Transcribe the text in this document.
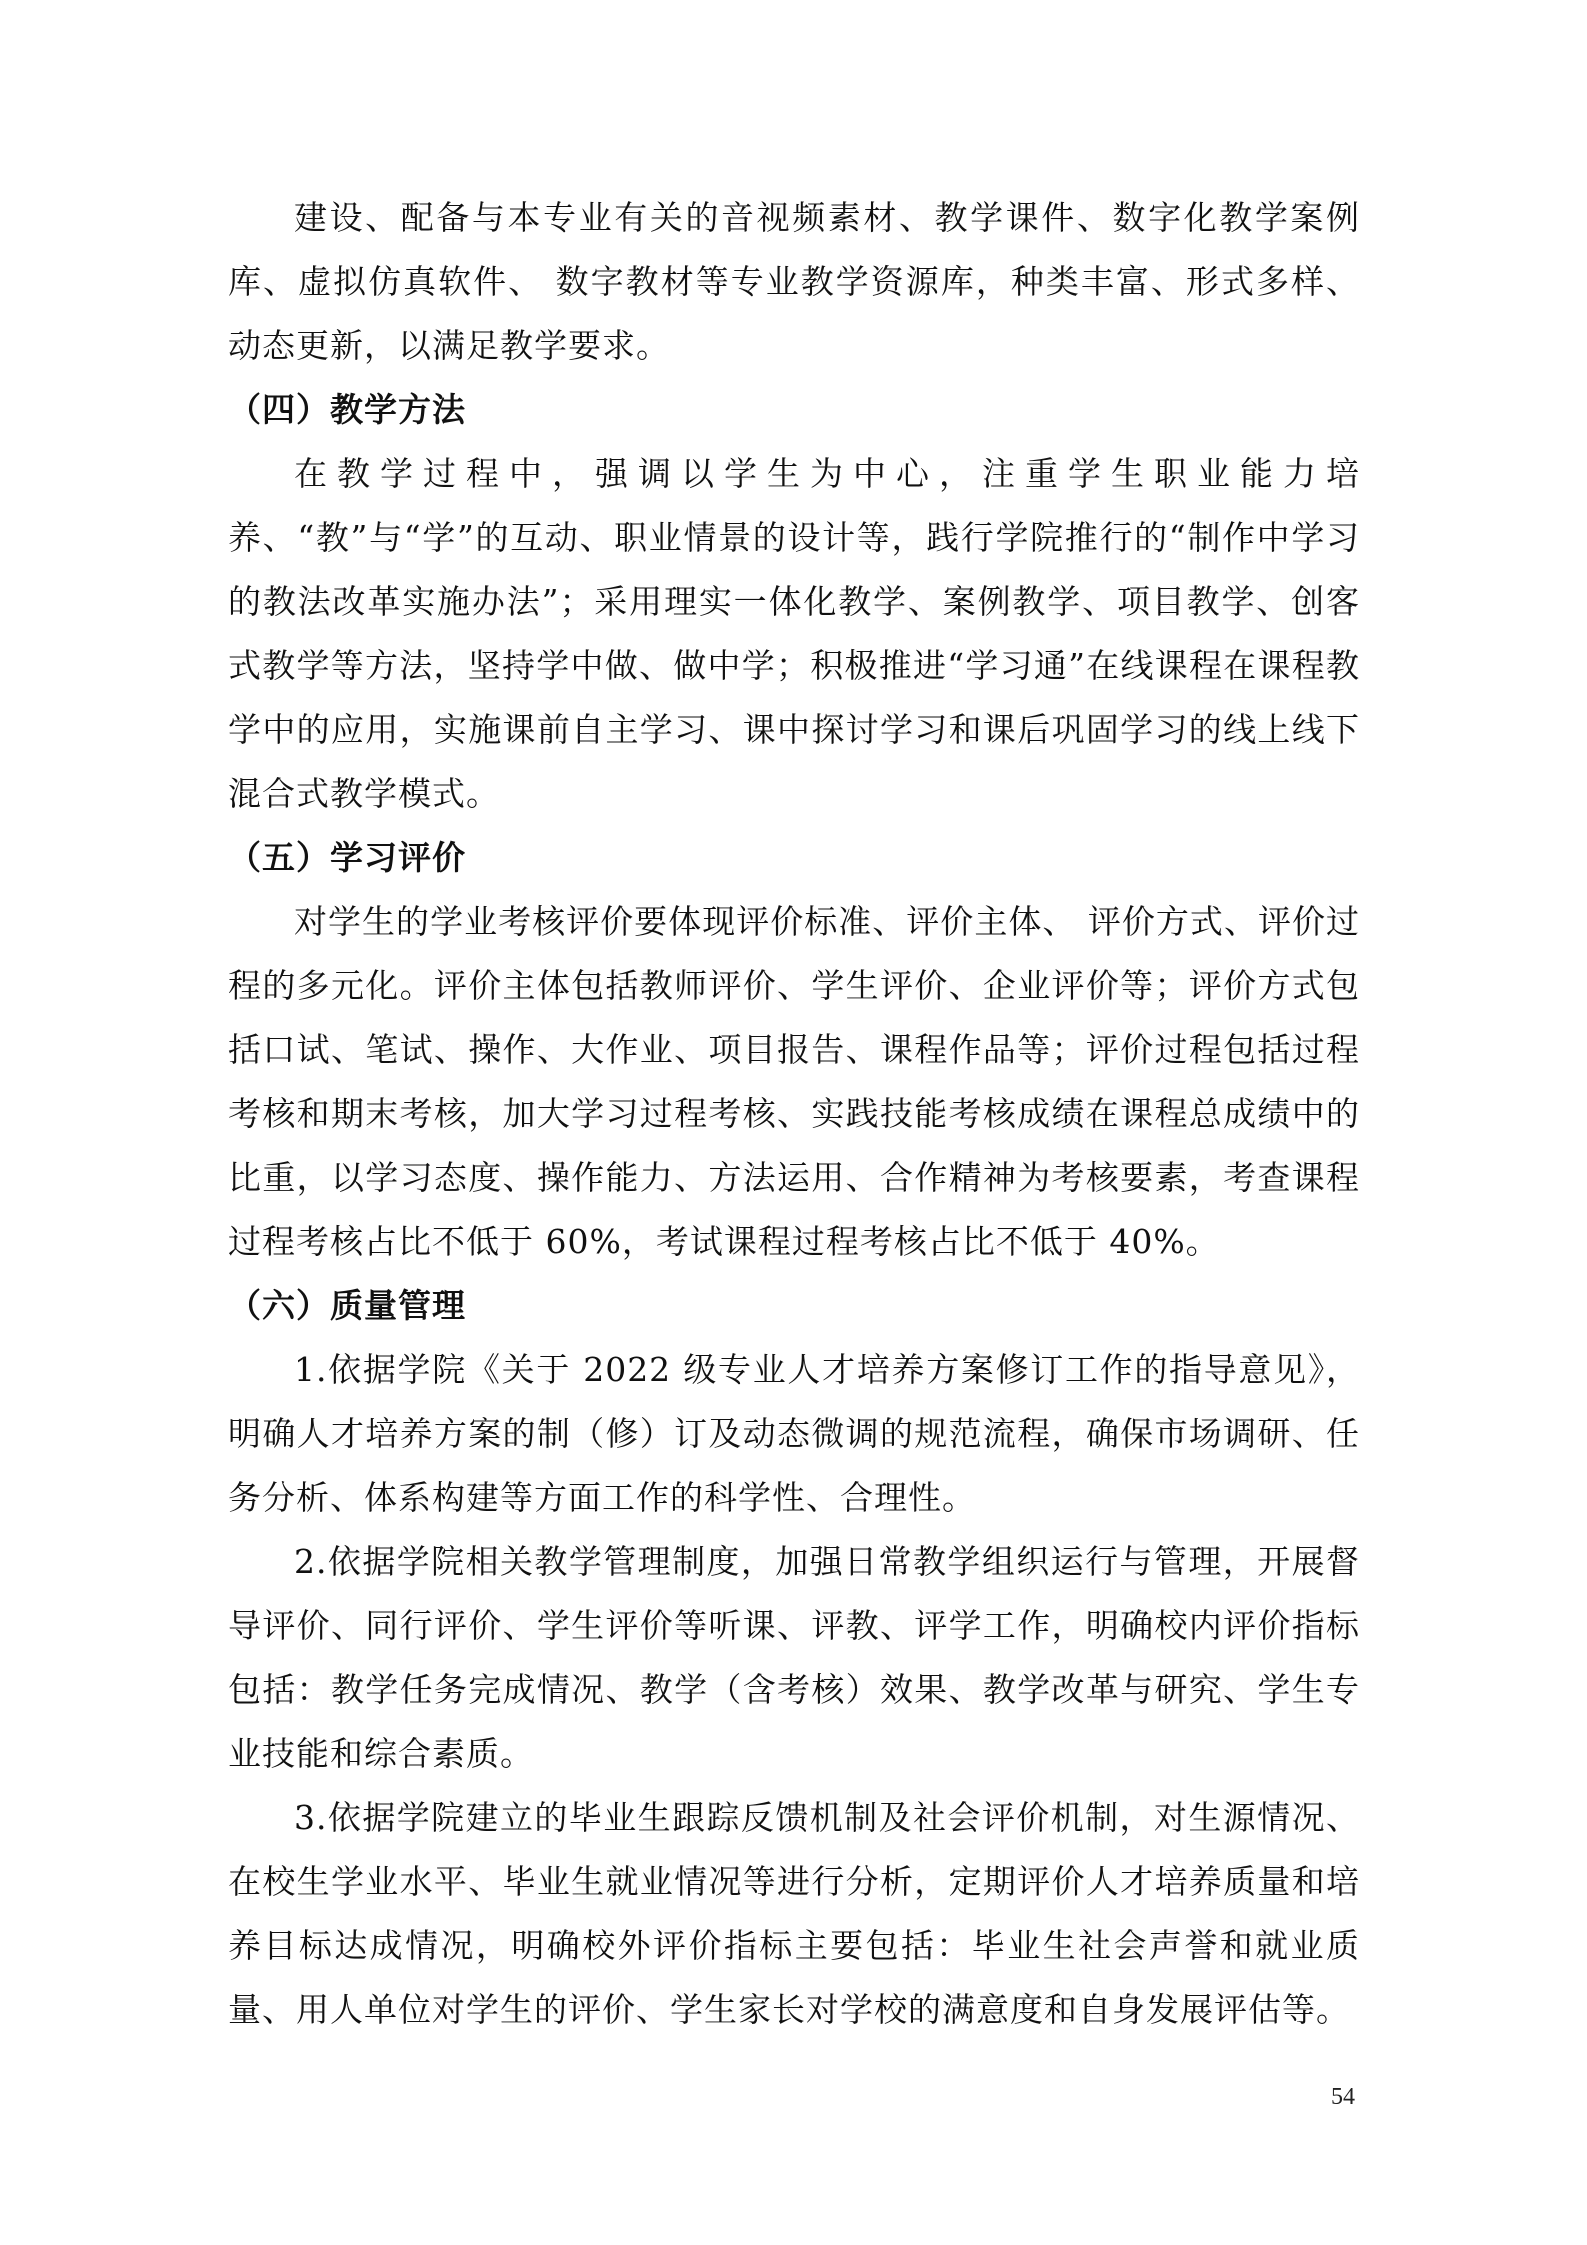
建设、配备与本专业有关的音视频素材、教学课件、数字化教学案例库、虚拟仿真软件、 数字教材等专业教学资源库，种类丰富、形式多样、动态更新，以满足教学要求。

（四）教学方法

在教学过程中，强调以学生为中心，注重学生职业能力培养、“教”与“学”的互动、职业情景的设计等，践行学院推行的“制作中学习的教法改革实施办法”；采用理实一体化教学、案例教学、项目教学、创客式教学等方法，坚持学中做、做中学；积极推进“学习通”在线课程在课程教学中的应用，实施课前自主学习、课中探讨学习和课后巩固学习的线上线下混合式教学模式。

（五）学习评价

对学生的学业考核评价要体现评价标准、评价主体、 评价方式、评价过程的多元化。评价主体包括教师评价、学生评价、企业评价等；评价方式包括口试、笔试、操作、大作业、项目报告、课程作品等；评价过程包括过程考核和期末考核，加大学习过程考核、实践技能考核成绩在课程总成绩中的比重，以学习态度、操作能力、方法运用、合作精神为考核要素，考查课程过程考核占比不低于 60%，考试课程过程考核占比不低于 40%。

（六）质量管理

1.依据学院《关于 2022 级专业人才培养方案修订工作的指导意见》，明确人才培养方案的制（修）订及动态微调的规范流程，确保市场调研、任务分析、体系构建等方面工作的科学性、合理性。

2.依据学院相关教学管理制度，加强日常教学组织运行与管理，开展督导评价、同行评价、学生评价等听课、评教、评学工作，明确校内评价指标包括：教学任务完成情况、教学（含考核）效果、教学改革与研究、学生专业技能和综合素质。

3.依据学院建立的毕业生跟踪反馈机制及社会评价机制，对生源情况、在校生学业水平、毕业生就业情况等进行分析，定期评价人才培养质量和培养目标达成情况，明确校外评价指标主要包括：毕业生社会声誉和就业质量、用人单位对学生的评价、学生家长对学校的满意度和自身发展评估等。

54
